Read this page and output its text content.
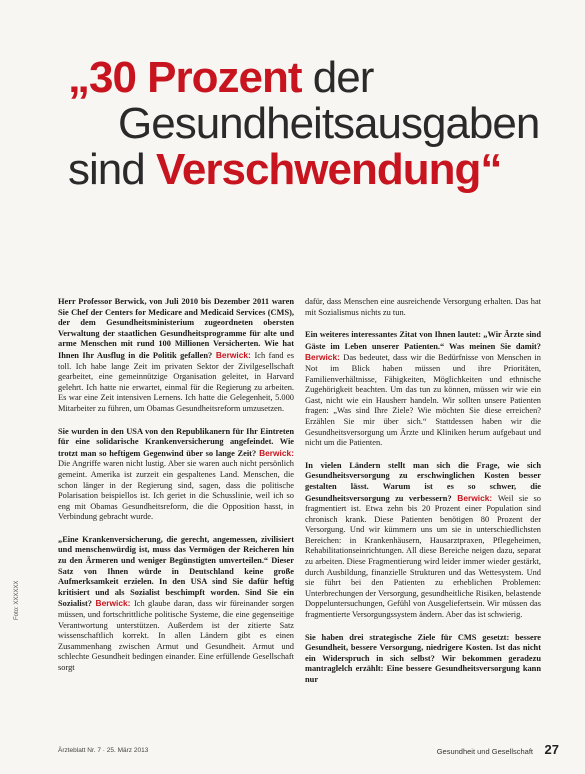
„30 Prozent der
Gesundheitsausgaben
sind Verschwendung“
Foto: XXXXXX

Herr Professor Berwick, von Juli 2010 bis Dezember 2011 waren Sie Chef der Centers for Medicare and Medicaid Services (CMS), der dem Gesundheitsministerium zugeordneten obersten Verwaltung der staatlichen Gesundheitsprogramme für alte und arme Menschen mit rund 100 Millionen Versicherten. Wie hat Ihnen Ihr Ausflug in die Politik gefallen? Berwick: Ich fand es toll. Ich habe lange Zeit im privaten Sektor der Zivilgesellschaft gearbeitet, eine gemeinnützige Organisation geleitet, in Harvard gelehrt. Ich hatte nie erwartet, einmal für die Regierung zu arbeiten. Es war eine Zeit intensiven Lernens. Ich hatte die Gelegenheit, 5.000 Mitarbeiter zu führen, um Obamas Gesundheitsreform umzusetzen.

Sie wurden in den USA von den Republikanern für Ihr Eintreten für eine solidarische Krankenversicherung angefeindet. Wie trotzt man so heftigem Gegenwind über so lange Zeit? Berwick: Die Angriffe waren nicht lustig. Aber sie waren auch nicht persönlich gemeint. Amerika ist zurzeit ein gespaltenes Land. Menschen, die schon länger in der Regierung sind, sagen, dass die politische Polarisation beispiellos ist. Ich geriet in die Schusslinie, weil ich so eng mit Obamas Gesundheitsreform, die die Opposition hasst, in Verbindung gebracht wurde.

„Eine Krankenversicherung, die gerecht, angemessen, zivilisiert und menschenwürdig ist, muss das Vermögen der Reicheren hin zu den Ärmeren und weniger Begünstigten umverteilen.“ Dieser Satz von Ihnen würde in Deutschland keine große Aufmerksamkeit erzielen. In den USA sind Sie dafür heftig kritisiert und als Sozialist beschimpft worden. Sind Sie ein Sozialist? Berwick: Ich glaube daran, dass wir füreinander sorgen müssen, und fortschrittliche politische Systeme, die eine gegenseitige Verantwortung unterstützen. Außerdem ist der zitierte Satz wissenschaftlich korrekt. In allen Ländern gibt es einen Zusammenhang zwischen Armut und Gesundheit. Armut und schlechte Gesundheit bedingen einander. Eine erfüllende Gesellschaft sorgt

dafür, dass Menschen eine ausreichende Versorgung erhalten. Das hat mit Sozialismus nichts zu tun.

Ein weiteres interessantes Zitat von Ihnen lautet: „Wir Ärzte sind Gäste im Leben unserer Patienten.“ Was meinen Sie damit? Berwick: Das bedeutet, dass wir die Bedürfnisse von Menschen in Not im Blick haben müssen und ihre Prioritäten, Familienverhältnisse, Fähigkeiten, Möglichkeiten und ethnische Zugehörigkeit beachten. Um das tun zu können, müssen wir wie ein Gast, nicht wie ein Hausherr handeln. Wir sollten unsere Patienten fragen: „Was sind Ihre Ziele? Wie möchten Sie diese erreichen? Erzählen Sie mir über sich.“ Stattdessen haben wir die Gesundheitsversorgung um Ärzte und Kliniken herum aufgebaut und nicht um die Patienten.

In vielen Ländern stellt man sich die Frage, wie sich Gesundheitsversorgung zu erschwinglichen Kosten besser gestalten lässt. Warum ist es so schwer, die Gesundheitsversorgung zu verbessern? Berwick: Weil sie so fragmentiert ist. Etwa zehn bis 20 Prozent einer Population sind chronisch krank. Diese Patienten benötigen 80 Prozent der Versorgung. Und wir kümmern uns um sie in unterschiedlichsten Bereichen: in Krankenhäusern, Hausarztpraxen, Pflegeheimen, Rehabilitationseinrichtungen. All diese Bereiche neigen dazu, separat zu arbeiten. Diese Fragmentierung wird leider immer wieder gestärkt, durch Ausbildung, finanzielle Strukturen und das Wettesystem. Und sie führt bei den Patienten zu erheblichen Problemen: Unterbrechungen der Versorgung, gesundheitliche Risiken, belastende Doppeluntersuchungen, Gefühl von Ausgeliefertsein. Wir müssen das fragmentierte Versorgungssystem ändern. Aber das ist schwierig.

Sie haben drei strategische Ziele für CMS gesetzt: bessere Gesundheit, bessere Versorgung, niedrigere Kosten. Ist das nicht ein Widerspruch in sich selbst? Wir bekommen geradezu mantraglelch erzählt: Eine bessere Gesundheitsversorgung kann nur

Ärzteblatt Nr. 7 · 25. März 2013	Gesundheit und Gesellschaft 27
